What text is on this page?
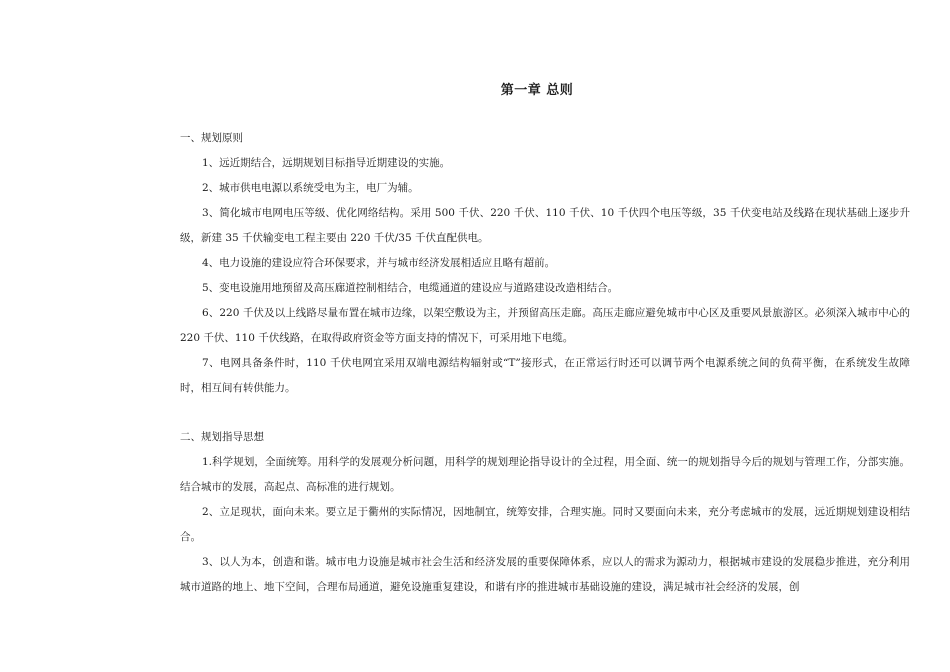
第一章 总则
一、规划原则

1、远近期结合，远期规划目标指导近期建设的实施。

2、城市供电电源以系统受电为主，电厂为辅。

3、简化城市电网电压等级、优化网络结构。采用 500 千伏、220 千伏、110 千伏、10 千伏四个电压等级，35 千伏变电站及线路在现状基础上逐步升级，新建 35 千伏输变电工程主要由 220 千伏/35 千伏直配供电。

4、电力设施的建设应符合环保要求，并与城市经济发展相适应且略有超前。

5、变电设施用地预留及高压廊道控制相结合，电缆通道的建设应与道路建设改造相结合。

6、220 千伏及以上线路尽量布置在城市边缘，以架空敷设为主，并预留高压走廊。高压走廊应避免城市中心区及重要风景旅游区。必须深入城市中心的 220 千伏、110 千伏线路，在取得政府资金等方面支持的情况下，可采用地下电缆。

7、电网具备条件时，110 千伏电网宜采用双端电源结构辐射或“T”接形式，在正常运行时还可以调节两个电源系统之间的负荷平衡，在系统发生故障时，相互间有转供能力。

二、规划指导思想

1.科学规划，全面统筹。用科学的发展观分析问题，用科学的规划理论指导设计的全过程，用全面、统一的规划指导今后的规划与管理工作，分部实施。结合城市的发展，高起点、高标准的进行规划。

2、立足现状，面向未来。要立足于衢州的实际情况，因地制宜，统筹安排，合理实施。同时又要面向未来，充分考虑城市的发展，远近期规划建设相结合。

3、以人为本，创造和谐。城市电力设施是城市社会生活和经济发展的重要保障体系，应以人的需求为源动力，根据城市建设的发展稳步推进，充分利用城市道路的地上、地下空间，合理布局通道，避免设施重复建设，和谐有序的推进城市基础设施的建设，满足城市社会经济的发展，创
